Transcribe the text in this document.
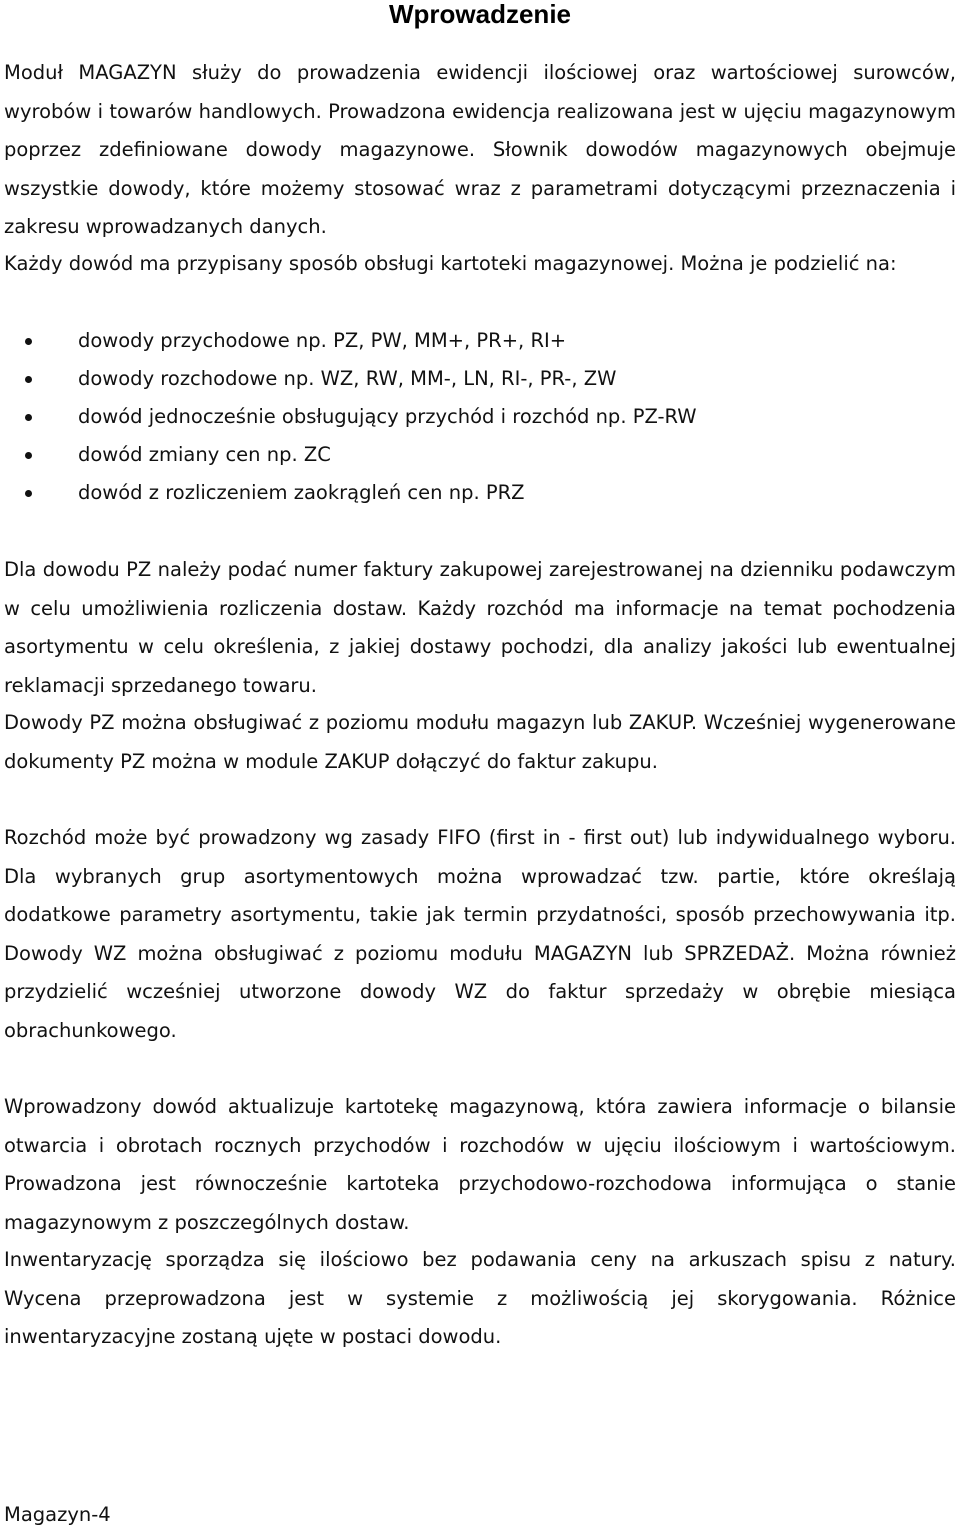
Wprowadzenie

Moduł MAGAZYN służy do prowadzenia ewidencji ilościowej oraz wartościowej surowców, wyrobów i towarów handlowych. Prowadzona ewidencja realizowana jest w ujęciu magazynowym poprzez zdefiniowane dowody magazynowe. Słownik dowodów magazynowych obejmuje wszystkie dowody, które możemy stosować wraz z parametrami dotyczącymi przeznaczenia i zakresu wprowadzanych danych.

Każdy dowód ma przypisany sposób obsługi kartoteki magazynowej. Można je podzielić na:

dowody przychodowe np. PZ, PW, MM+, PR+, RI+
dowody rozchodowe np. WZ, RW, MM-, LN, RI-, PR-, ZW
dowód jednocześnie obsługujący przychód i rozchód np. PZ-RW
dowód zmiany cen np. ZC
dowód z rozliczeniem zaokrągleń cen np. PRZ

Dla dowodu PZ należy podać numer faktury zakupowej zarejestrowanej na dzienniku podawczym w celu umożliwienia rozliczenia dostaw. Każdy rozchód ma informacje na temat pochodzenia asortymentu w celu określenia, z jakiej dostawy pochodzi, dla analizy jakości lub ewentualnej reklamacji sprzedanego towaru.

Dowody PZ można obsługiwać z poziomu modułu magazyn lub ZAKUP. Wcześniej wygenerowane dokumenty PZ można w module ZAKUP dołączyć do faktur zakupu.

Rozchód może być prowadzony wg zasady FIFO (first in - first out) lub indywidualnego wyboru. Dla wybranych grup asortymentowych można wprowadzać tzw. partie, które określają dodatkowe parametry asortymentu, takie jak termin przydatności, sposób przechowywania itp. Dowody WZ można obsługiwać z poziomu modułu MAGAZYN lub SPRZEDAŻ. Można również przydzielić wcześniej utworzone dowody WZ do faktur sprzedaży w obrębie miesiąca obrachunkowego.

Wprowadzony dowód aktualizuje kartotekę magazynową, która zawiera informacje o bilansie otwarcia i obrotach rocznych przychodów i rozchodów w ujęciu ilościowym i wartościowym. Prowadzona jest równocześnie kartoteka przychodowo-rozchodowa informująca o stanie magazynowym z poszczególnych dostaw.

Inwentaryzację sporządza się ilościowo bez podawania ceny na arkuszach spisu z natury. Wycena przeprowadzona jest w systemie z możliwością jej skorygowania. Różnice inwentaryzacyjne zostaną ujęte w postaci dowodu.

Magazyn-4
